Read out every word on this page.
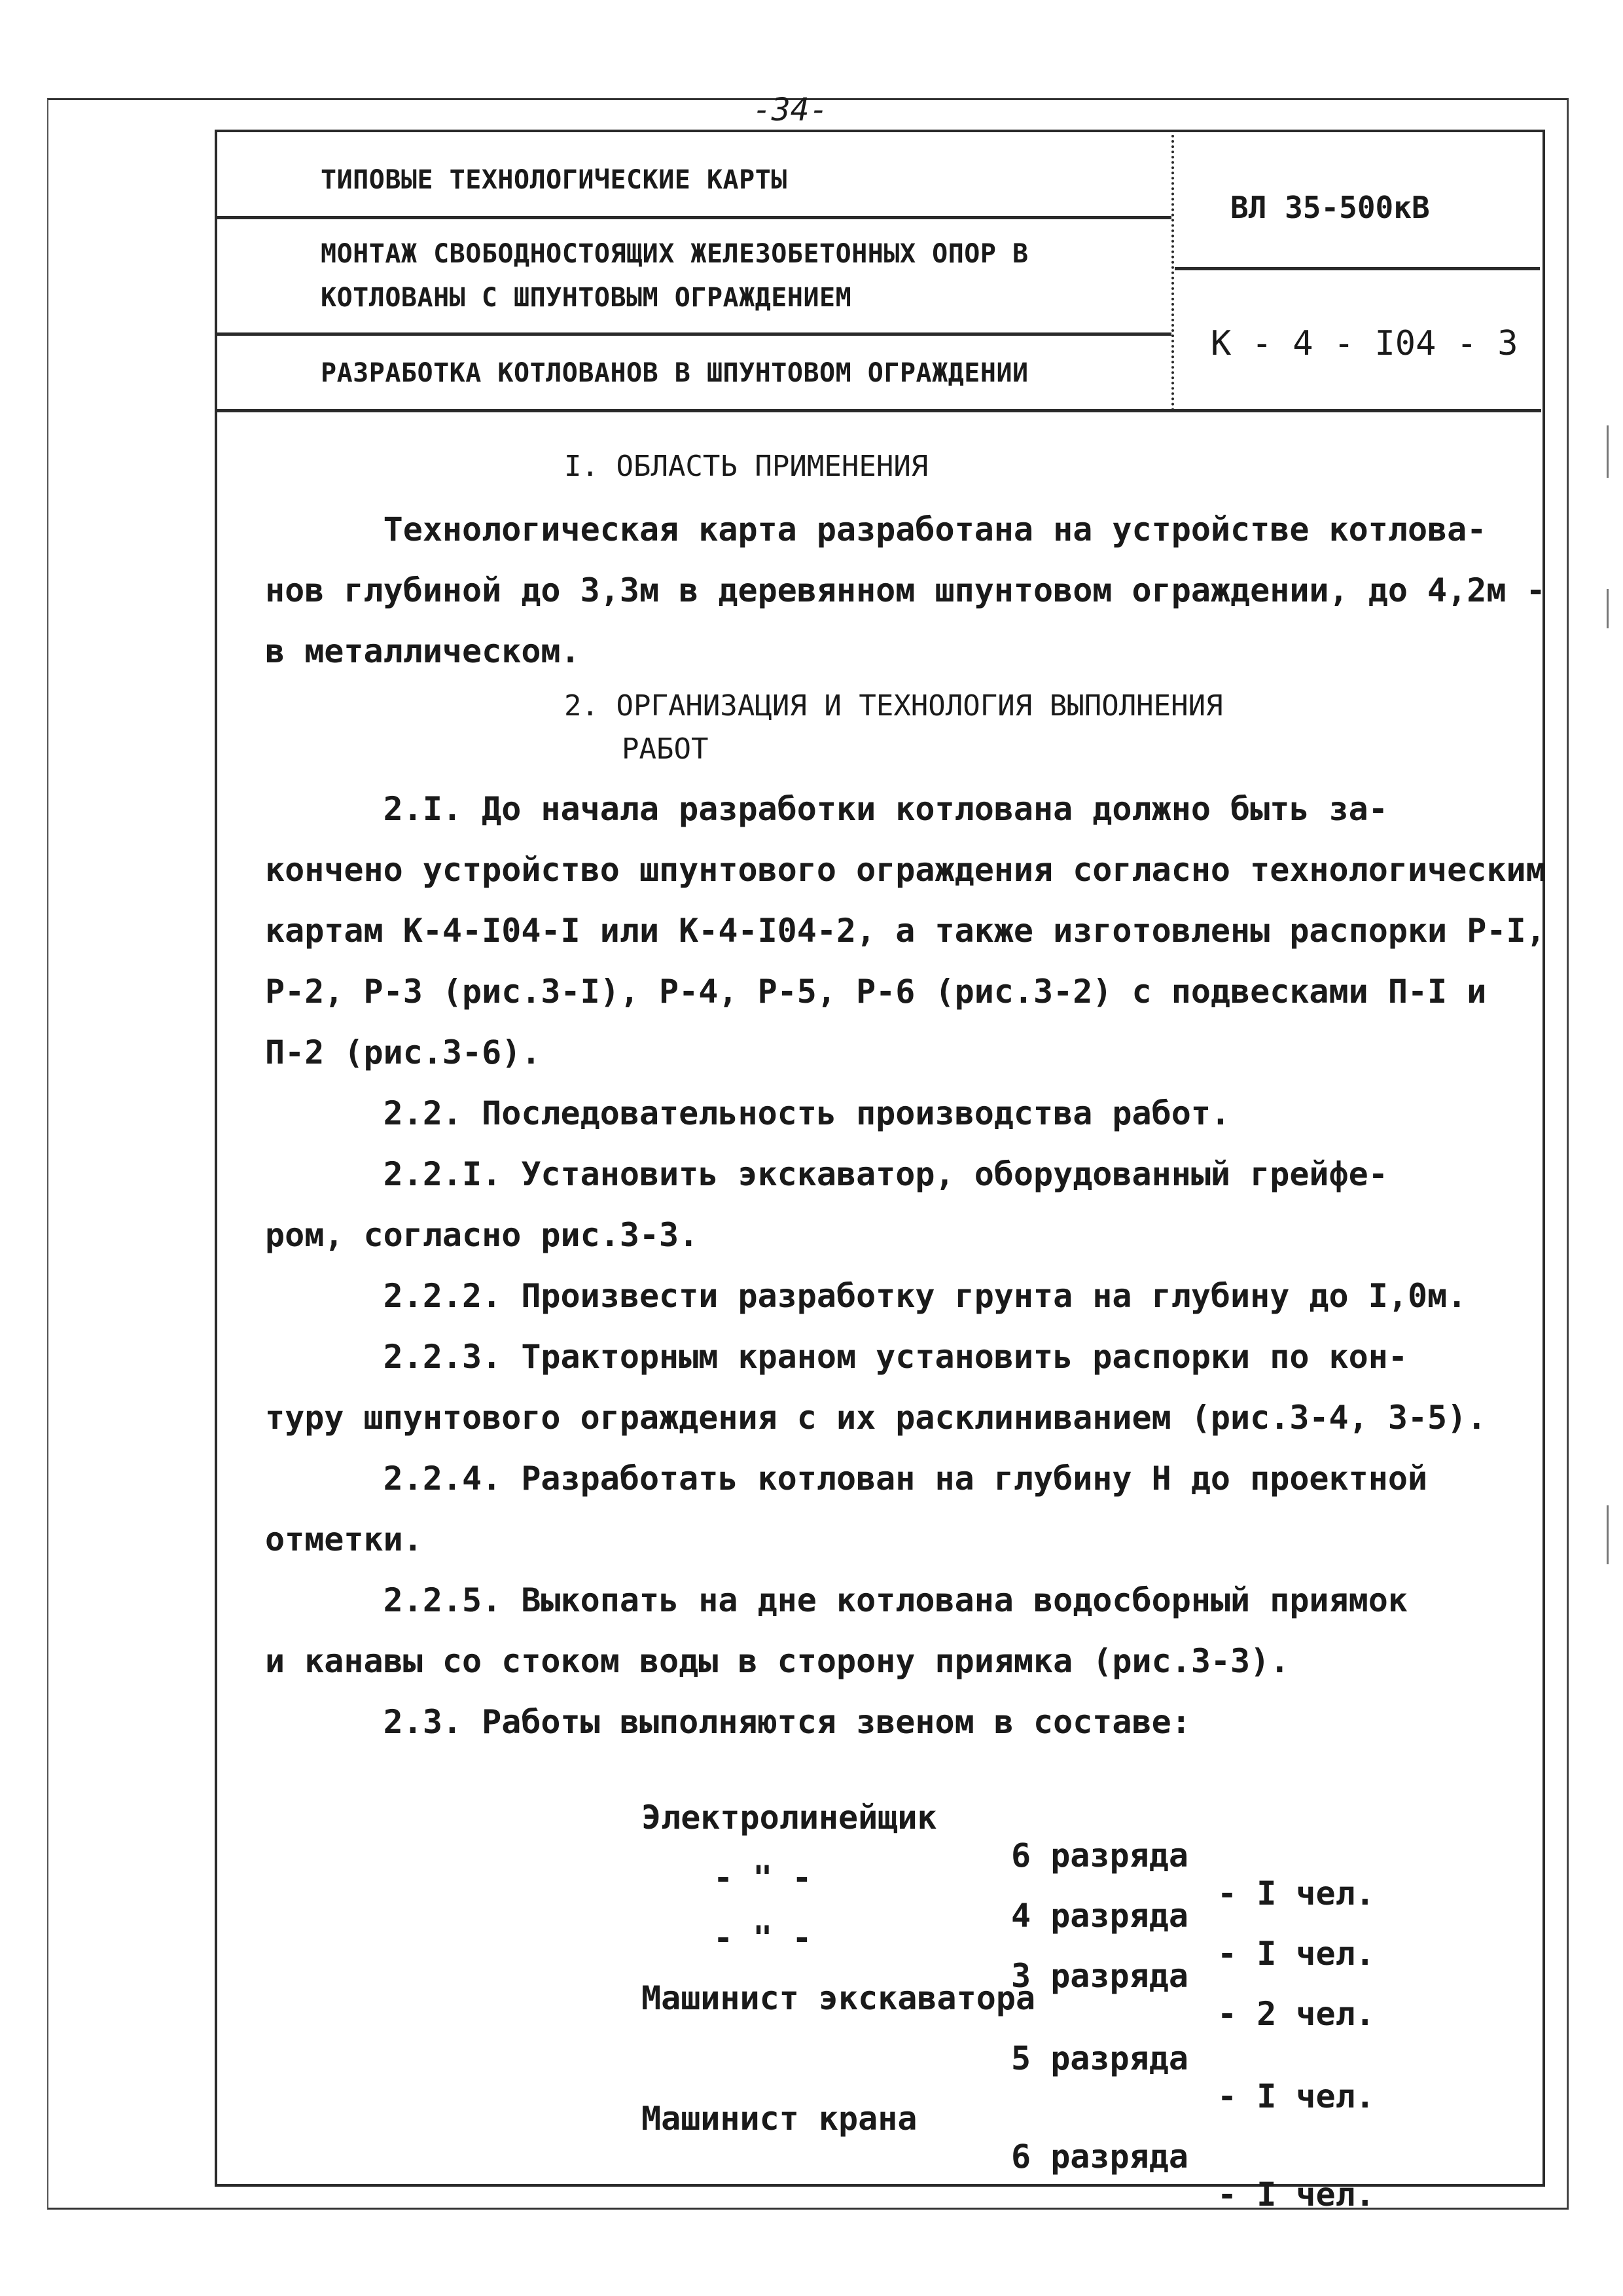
-34-
ТИПОВЫЕ ТЕХНОЛОГИЧЕСКИЕ КАРТЫ
МОНТАЖ СВОБОДНОСТОЯЩИХ ЖЕЛЕЗОБЕТОННЫХ ОПОР В
КОТЛОВАНЫ С ШПУНТОВЫМ ОГРАЖДЕНИЕМ
РАЗРАБОТКА КОТЛОВАНОВ В ШПУНТОВОМ ОГРАЖДЕНИИ
ВЛ 35-500кВ
К - 4 - I04 - 3
I. ОБЛАСТЬ ПРИМЕНЕНИЯ
Технологическая карта разработана на устройстве котлова-
нов глубиной до 3,3м в деревянном шпунтовом ограждении, до 4,2м -
в металлическом.
2. ОРГАНИЗАЦИЯ И ТЕХНОЛОГИЯ ВЫПОЛНЕНИЯ
РАБОТ
2.I. До начала разработки котлована должно быть за-
кончено устройство шпунтового ограждения согласно технологическим
картам К-4-I04-I или К-4-I04-2, а также изготовлены распорки Р-I,
Р-2, Р-3 (рис.3-I), Р-4, Р-5, Р-6 (рис.3-2) с подвесками П-I и
П-2 (рис.3-6).
2.2. Последовательность производства работ.
2.2.I. Установить экскаватор, оборудованный грейфе-
ром, согласно рис.3-3.
2.2.2. Произвести разработку грунта на глубину до I,0м.
2.2.3. Тракторным краном установить распорки по кон-
туру шпунтового ограждения с их расклиниванием (рис.3-4, 3-5).
2.2.4. Разработать котлован на глубину Н до проектной
отметки.
2.2.5. Выкопать на дне котлована водосборный приямок
и канавы со стоком воды в сторону приямка (рис.3-3).
2.3. Работы выполняются звеном в составе:

Электролинейщик

6 разряда

- I чел.

- " -

4 разряда

- I чел.

- " -

3 разряда

- 2 чел.

Машинист экскаватора

5 разряда

- I чел.

Машинист крана

6 разряда

- I чел.
